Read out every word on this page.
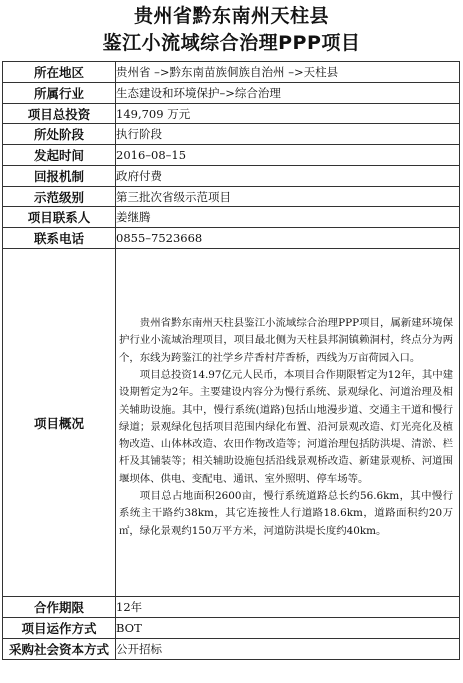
贵州省黔东南州天柱县
鉴江小流域综合治理PPP项目
所在地区	贵州省 –>黔东南苗族侗族自治州 –>天柱县
所属行业	生态建设和环境保护–>综合治理
项目总投资	149,709 万元
所处阶段	执行阶段
发起时间	2016–08–15
回报机制	政府付费
示范级别	第三批次省级示范项目
项目联系人	姜继腾
联系电话	0855–7523668
项目概况	贵州省黔东南州天柱县鉴江小流域综合治理PPP项目，属新建环境保护行业小流域治理项目，项目最北侧为天柱县邦洞镇赖洞村，终点分为两个，东线为跨鉴江的社学乡芹香村芹香桥，西线为万亩荷园入口。

项目总投资14.97亿元人民币，本项目合作期限暂定为12年，其中建设期暂定为2年。主要建设内容分为慢行系统、景观绿化、河道治理及相关辅助设施。其中，慢行系统(道路)包括山地漫步道、交通主干道和慢行绿道；景观绿化包括项目范围内绿化布置、沿河景观改造、灯光亮化及植物改造、山体林改造、农田作物改造等；河道治理包括防洪堤、清淤、栏杆及其铺装等；相关辅助设施包括沿线景观桥改造、新建景观桥、河道围堰坝体、供电、变配电、通讯、室外照明、停车场等。

项目总占地面积2600亩，慢行系统道路总长约56.6km，其中慢行系统主干路约38km，其它连接性人行道路18.6km，道路面积约20万㎡，绿化景观约150万平方米，河道防洪堤长度约40km。

合作期限	12年
项目运作方式	BOT
采购社会资本方式	公开招标
